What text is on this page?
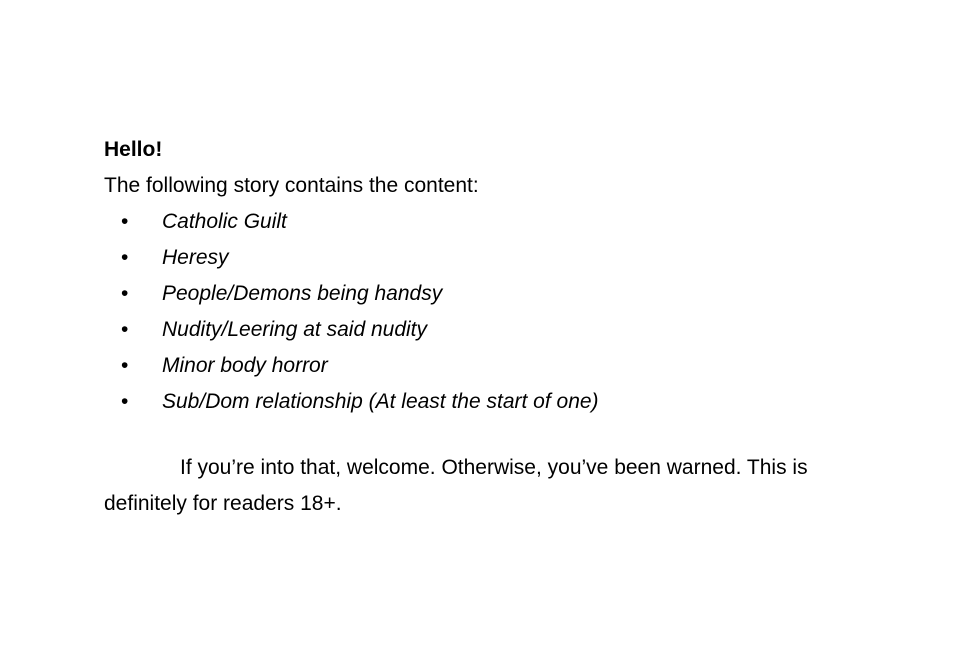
Hello!
The following story contains the content:
• Catholic Guilt
• Heresy
• People/Demons being handsy
• Nudity/Leering at said nudity
• Minor body horror
• Sub/Dom relationship (At least the start of one)

If you’re into that, welcome. Otherwise, you’ve been warned. This is definitely for readers 18+.
